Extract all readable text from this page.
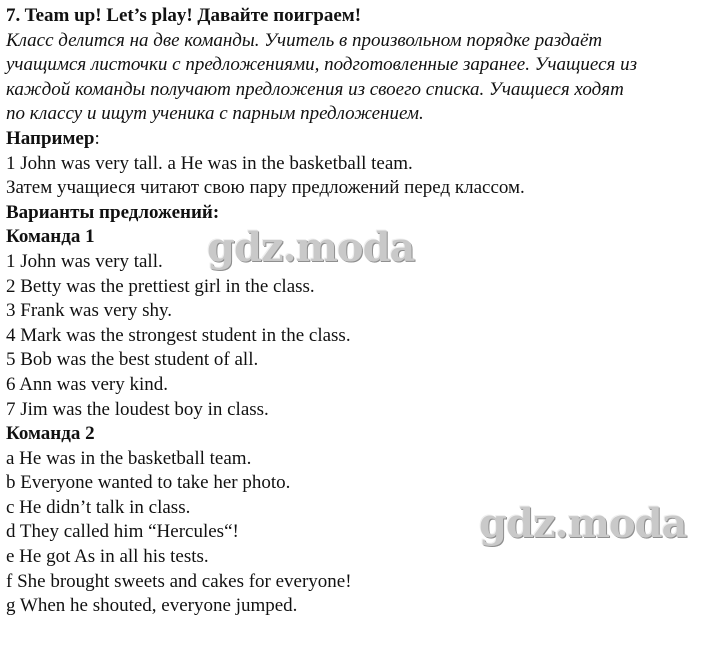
7. Team up! Let’s play! Давайте поиграем!
Класс делится на две команды. Учитель в произвольном порядке раздаёт
учащимся листочки с предложениями, подготовленные заранее. Учащиеся из
каждой команды получают предложения из своего списка. Учащиеся ходят
по классу и ищут ученика с парным предложением.
Например:
1 John was very tall. a He was in the basketball team.
Затем учащиеся читают свою пару предложений перед классом.
Варианты предложений:
Команда 1
1 John was very tall.
2 Betty was the prettiest girl in the class.
3 Frank was very shy.
4 Mark was the strongest student in the class.
5 Bob was the best student of all.
6 Ann was very kind.
7 Jim was the loudest boy in class.
Команда 2
a He was in the basketball team.
b Everyone wanted to take her photo.
c He didn’t talk in class.
d They called him “Hercules“!
e He got As in all his tests.
f She brought sweets and cakes for everyone!
g When he shouted, everyone jumped.
gdz.moda
gdz.moda
